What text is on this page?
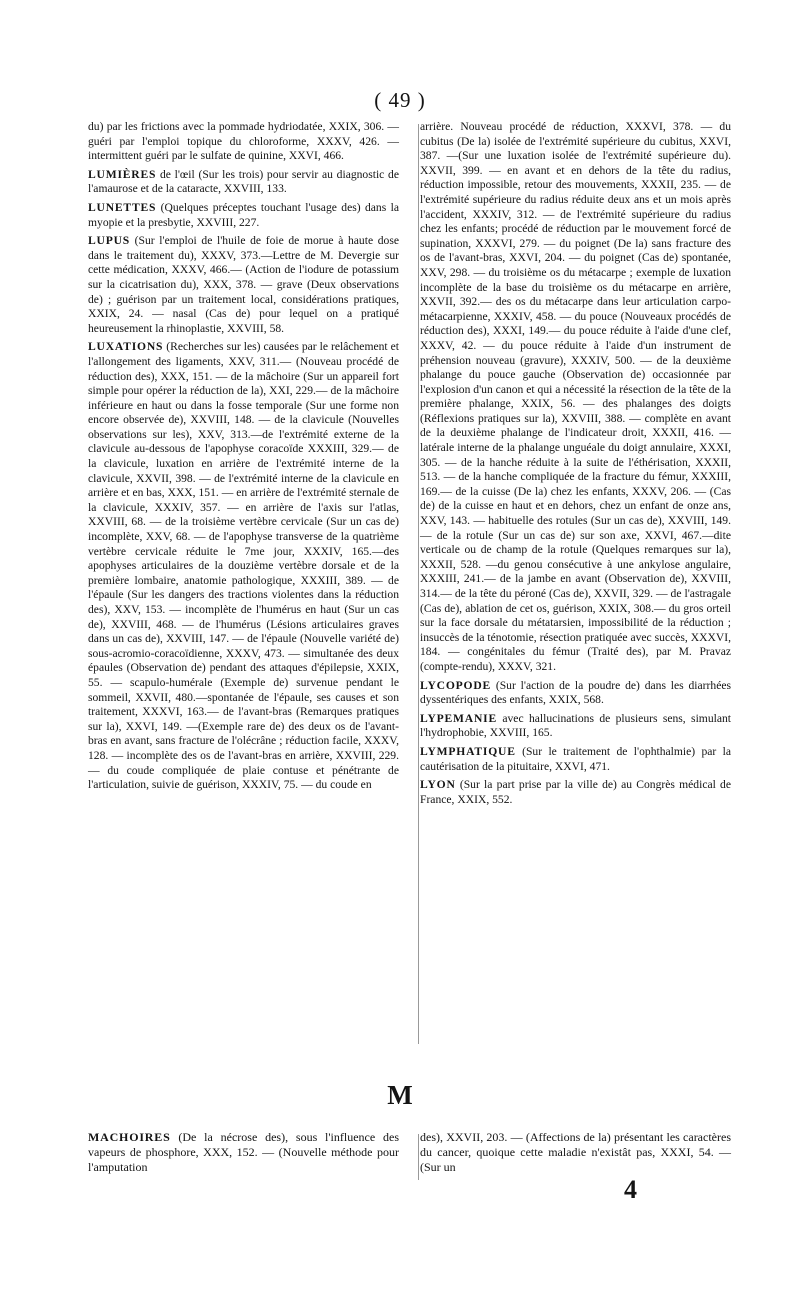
( 49 )

du) par les frictions avec la pommade hydriodatée, XXIX, 306. — guéri par l'emploi topique du chloroforme, XXXV, 426. — intermittent guéri par le sulfate de quinine, XXVI, 466.

LUMIÈRES de l'œil (Sur les trois) pour servir au diagnostic de l'amaurose et de la cataracte, XXVIII, 133.

LUNETTES (Quelques préceptes touchant l'usage des) dans la myopie et la presbytie, XXVIII, 227.

LUPUS (Sur l'emploi de l'huile de foie de morue à haute dose dans le traitement du), XXXV, 373.—Lettre de M. Devergie sur cette médication, XXXV, 466.— (Action de l'iodure de potassium sur la cicatrisation du), XXX, 378. — grave (Deux observations de) ; guérison par un traitement local, considérations pratiques, XXIX, 24. — nasal (Cas de) pour lequel on a pratiqué heureusement la rhinoplastie, XXVIII, 58.

LUXATIONS (Recherches sur les) causées par le relâchement et l'allongement des ligaments, XXV, 311.— (Nouveau procédé de réduction des), XXX, 151. — de la mâchoire (Sur un appareil fort simple pour opérer la réduction de la), XXI, 229.— de la mâchoire inférieure en haut ou dans la fosse temporale (Sur une forme non encore observée de), XXVIII, 148. — de la clavicule (Nouvelles observations sur les), XXV, 313.—de l'extrémité externe de la clavicule au-dessous de l'apophyse coracoïde XXXIII, 329.— de la clavicule, luxation en arrière de l'extrémité interne de la clavicule, XXVII, 398. — de l'extrémité interne de la clavicule en arrière et en bas, XXX, 151. — en arrière de l'extrémité sternale de la clavicule, XXXIV, 357. — en arrière de l'axis sur l'atlas, XXVIII, 68. — de la troisième vertèbre cervicale (Sur un cas de) incomplète, XXV, 68. — de l'apophyse transverse de la quatrième vertèbre cervicale réduite le 7me jour, XXXIV, 165.—des apophyses articulaires de la douzième vertèbre dorsale et de la première lombaire, anatomie pathologique, XXXIII, 389. — de l'épaule (Sur les dangers des tractions violentes dans la réduction des), XXV, 153. — incomplète de l'humérus en haut (Sur un cas de), XXVIII, 468. — de l'humérus (Lésions articulaires graves dans un cas de), XXVIII, 147. — de l'épaule (Nouvelle variété de) sous-acromio-coracoïdienne, XXXV, 473. — simultanée des deux épaules (Observation de) pendant des attaques d'épilepsie, XXIX, 55. — scapulo-humérale (Exemple de) survenue pendant le sommeil, XXVII, 480.—spontanée de l'épaule, ses causes et son traitement, XXXVI, 163.— de l'avant-bras (Remarques pratiques sur la), XXVI, 149. —(Exemple rare de) des deux os de l'avant-bras en avant, sans fracture de l'olécrâne ; réduction facile, XXXV, 128. — incomplète des os de l'avant-bras en arrière, XXVIII, 229. — du coude compliquée de plaie contuse et pénétrante de l'articulation, suivie de guérison, XXXIV, 75. — du coude en

arrière. Nouveau procédé de réduction, XXXVI, 378. — du cubitus (De la) isolée de l'extrémité supérieure du cubitus, XXVI, 387. —(Sur une luxation isolée de l'extrémité supérieure du). XXVII, 399. — en avant et en dehors de la tête du radius, réduction impossible, retour des mouvements, XXXII, 235. — de l'extrémité supérieure du radius réduite deux ans et un mois après l'accident, XXXIV, 312. — de l'extrémité supérieure du radius chez les enfants; procédé de réduction par le mouvement forcé de supination, XXXVI, 279. — du poignet (De la) sans fracture des os de l'avant-bras, XXVI, 204. — du poignet (Cas de) spontanée, XXV, 298. — du troisième os du métacarpe ; exemple de luxation incomplète de la base du troisième os du métacarpe en arrière, XXVII, 392.— des os du métacarpe dans leur articulation carpo-métacarpienne, XXXIV, 458. — du pouce (Nouveaux procédés de réduction des), XXXI, 149.— du pouce réduite à l'aide d'une clef, XXXV, 42. — du pouce réduite à l'aide d'un instrument de préhension nouveau (gravure), XXXIV, 500. — de la deuxième phalange du pouce gauche (Observation de) occasionnée par l'explosion d'un canon et qui a nécessité la résection de la tête de la première phalange, XXIX, 56. — des phalanges des doigts (Réflexions pratiques sur la), XXVIII, 388. — complète en avant de la deuxième phalange de l'indicateur droit, XXXII, 416. — latérale interne de la phalange unguéale du doigt annulaire, XXXI, 305. — de la hanche réduite à la suite de l'éthérisation, XXXII, 513. — de la hanche compliquée de la fracture du fémur, XXXIII, 169.— de la cuisse (De la) chez les enfants, XXXV, 206. — (Cas de) de la cuisse en haut et en dehors, chez un enfant de onze ans, XXV, 143. — habituelle des rotules (Sur un cas de), XXVIII, 149. — de la rotule (Sur un cas de) sur son axe, XXVI, 467.—dite verticale ou de champ de la rotule (Quelques remarques sur la), XXXII, 528. —du genou consécutive à une ankylose angulaire, XXXIII, 241.— de la jambe en avant (Observation de), XXVIII, 314.— de la tête du péroné (Cas de), XXVII, 329. — de l'astragale (Cas de), ablation de cet os, guérison, XXIX, 308.— du gros orteil sur la face dorsale du métatarsien, impossibilité de la réduction ; insuccès de la ténotomie, résection pratiquée avec succès, XXXVI, 184. — congénitales du fémur (Traité des), par M. Pravaz (compte-rendu), XXXV, 321.

LYCOPODE (Sur l'action de la poudre de) dans les diarrhées dyssentériques des enfants, XXIX, 568.

LYPEMANIE avec hallucinations de plusieurs sens, simulant l'hydrophobie, XXVIII, 165.

LYMPHATIQUE (Sur le traitement de l'ophthalmie) par la cautérisation de la pituitaire, XXVI, 471.

LYON (Sur la part prise par la ville de) au Congrès médical de France, XXIX, 552.

M

MACHOIRES (De la nécrose des), sous l'influence des vapeurs de phosphore, XXX, 152. — (Nouvelle méthode pour l'amputation

des), XXVII, 203. — (Affections de la) présentant les caractères du cancer, quoique cette maladie n'existât pas, XXXI, 54. —(Sur un

4
